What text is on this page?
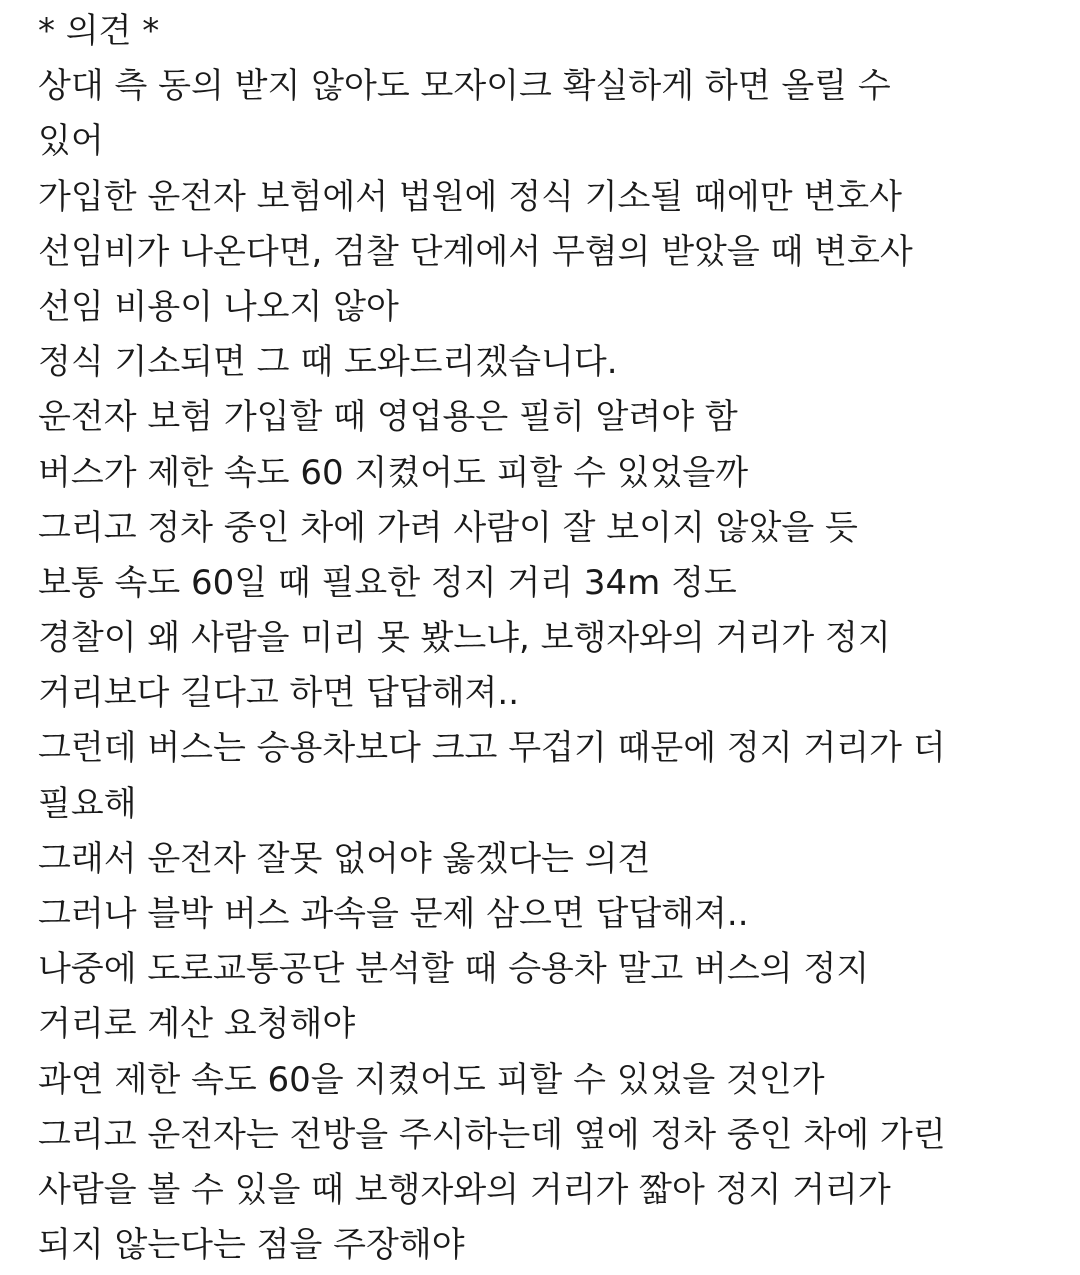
* 의견 *
상대 측 동의 받지 않아도 모자이크 확실하게 하면 올릴 수
있어
가입한 운전자 보험에서 법원에 정식 기소될 때에만 변호사
선임비가 나온다면, 검찰 단계에서 무혐의 받았을 때 변호사
선임 비용이 나오지 않아
정식 기소되면 그 때 도와드리겠습니다.
운전자 보험 가입할 때 영업용은 필히 알려야 함
버스가 제한 속도 60 지켰어도 피할 수 있었을까
그리고 정차 중인 차에 가려 사람이 잘 보이지 않았을 듯
보통 속도 60일 때 필요한 정지 거리 34m 정도
경찰이 왜 사람을 미리 못 봤느냐, 보행자와의 거리가 정지
거리보다 길다고 하면 답답해져..
그런데 버스는 승용차보다 크고 무겁기 때문에 정지 거리가 더
필요해
그래서 운전자 잘못 없어야 옳겠다는 의견
그러나 블박 버스 과속을 문제 삼으면 답답해져..
나중에 도로교통공단 분석할 때 승용차 말고 버스의 정지
거리로 계산 요청해야
과연 제한 속도 60을 지켰어도 피할 수 있었을 것인가
그리고 운전자는 전방을 주시하는데 옆에 정차 중인 차에 가린
사람을 볼 수 있을 때 보행자와의 거리가 짧아 정지 거리가
되지 않는다는 점을 주장해야
